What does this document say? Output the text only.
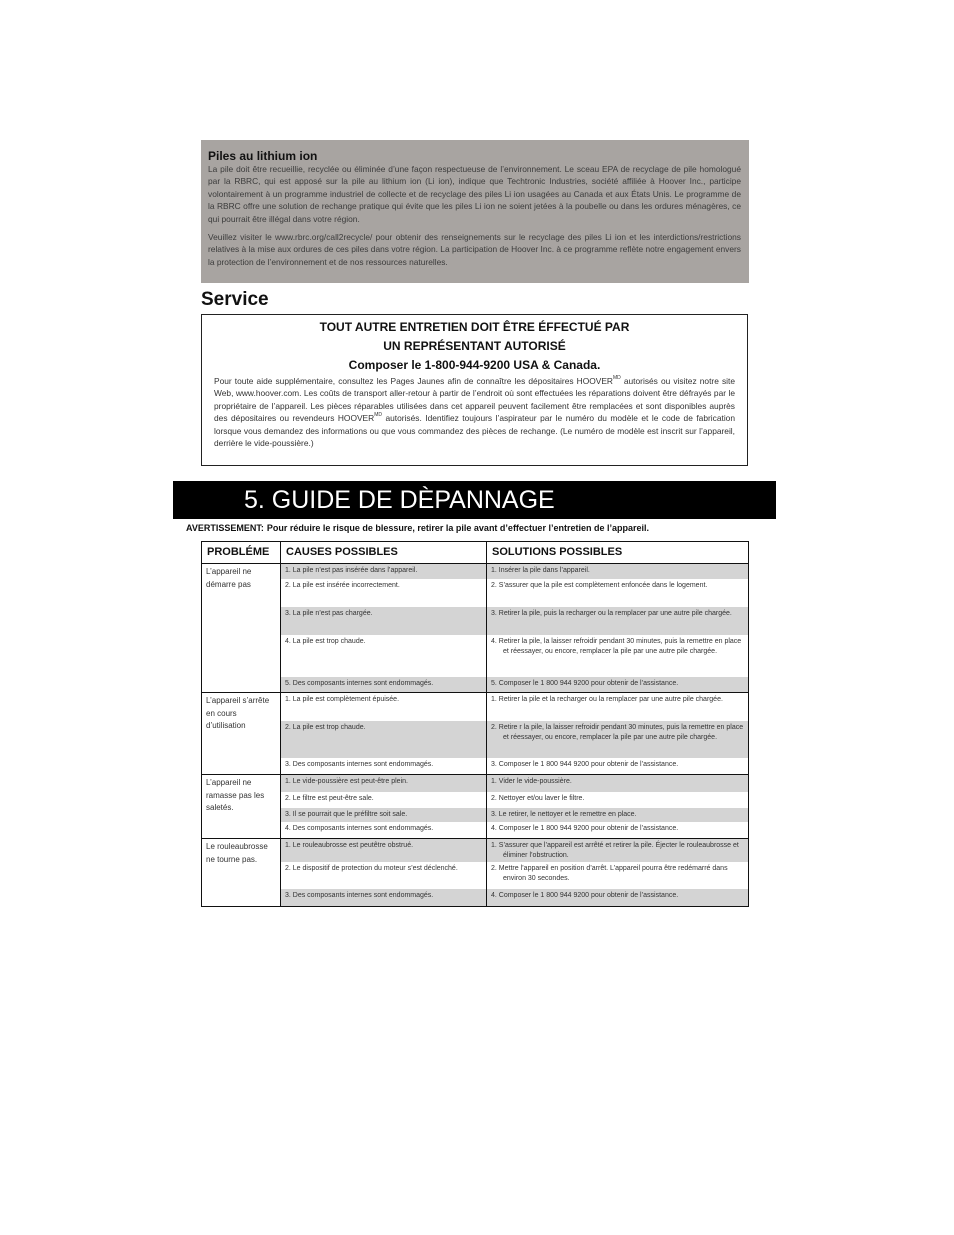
Piles au lithium ion

La pile doit être recueillie, recyclée ou éliminée d’une façon respectueuse de l’environnement. Le sceau EPA de recyclage de pile homologué par la RBRC, qui est apposé sur la pile au lithium ion (Li ion), indique que Techtronic Industries, société affiliée à Hoover Inc., participe volontairement à un programme industriel de collecte et de recyclage des piles Li ion usagées au Canada et aux États Unis. Le programme de la RBRC offre une solution de rechange pratique qui évite que les piles Li ion ne soient jetées à la poubelle ou dans les ordures ménagères, ce qui pourrait être illégal dans votre région.

Veuillez visiter le www.rbrc.org/call2recycle/ pour obtenir des renseignements sur le recyclage des piles Li ion et les interdictions/restrictions relatives à la mise aux ordures de ces piles dans votre région. La participation de Hoover Inc. à ce programme reflète notre engagement envers la protection de l’environnement et de nos ressources naturelles.

Service
TOUT AUTRE ENTRETIEN DOIT ÊTRE ÉFFECTUÉ PAR
UN REPRÉSENTANT AUTORISÉ
Composer le 1-800-944-9200 USA & Canada.

Pour toute aide supplémentaire, consultez les Pages Jaunes afin de connaître les dépositaires $HOOVER^{MD}$ autorisés ou visitez notre site Web, www.hoover.com. Les coûts de transport aller-retour à partir de l’endroit où sont effectuées les réparations doivent être défrayés par le propriétaire de l’appareil. Les pièces réparables utilisées dans cet appareil peuvent facilement être remplacées et sont disponibles auprès des dépositaires ou revendeurs $HOOVER^{MD}$ autorisés. Identifiez toujours l’aspirateur par le numéro du modèle et le code de fabrication lorsque vous demandez des informations ou que vous commandez des pièces de rechange. (Le numéro de modèle est inscrit sur l’appareil, derrière le vide-poussière.)

5. GUIDE DE DÈPANNAGE
AVERTISSEMENT: Pour réduire le risque de blessure, retirer la pile avant d’effectuer l’entretien de l’appareil.
PROBLÉME	CAUSES POSSIBLES	SOLUTIONS POSSIBLES
L’appareil ne démarre pas
1. La pile n’est pas insérée dans l’appareil.	1. Insérer la pile dans l’appareil.
2. La pile est insérée incorrectement.	2. S’assurer que la pile est complètement enfoncée dans le logement.
3. La pile n’est pas chargée.	3. Retirer la pile, puis la recharger ou la remplacer par une autre pile chargée.
4. La pile est trop chaude.	4. Retirer la pile, la laisser refroidir pendant 30 minutes, puis la remettre en place et réessayer, ou encore, remplacer la pile par une autre pile chargée.
5. Des composants internes sont endommagés.	5. Composer le 1 800 944 9200 pour obtenir de l’assistance.
L’appareil s’arrête en cours d’utilisation
1. La pile est complètement épuisée.	1. Retirer la pile et la recharger ou la remplacer par une autre pile chargée.
2. La pile est trop chaude.	2. Retire r la pile, la laisser refroidir pendant 30 minutes, puis la remettre en place et réessayer, ou encore, remplacer la pile par une autre pile chargée.
3. Des composants internes sont endommagés.	3. Composer le 1 800 944 9200 pour obtenir de l’assistance.
L’appareil ne ramasse pas les saletés.
1. Le vide-poussière est peut-être plein.	1. Vider le vide-poussière.
2. Le filtre est peut-être sale.	2. Nettoyer et/ou laver le filtre.
3. Il se pourrait que le préfiltre soit sale.	3. Le retirer, le nettoyer et le remettre en place.
4. Des composants internes sont endommagés.	4. Composer le 1 800 944 9200 pour obtenir de l’assistance.
Le rouleaubrosse ne tourne pas.
1. Le rouleaubrosse est peutêtre obstrué.	1. S’assurer que l’appareil est arrêté et retirer la pile. Éjecter le rouleaubrosse et éliminer l’obstruction.
2. Le dispositif de protection du moteur s’est déclenché.	2. Mettre l’appareil en position d’arrêt. L’appareil pourra être redémarré dans environ 30 secondes.
3. Des composants internes sont endommagés.	4. Composer le 1 800 944 9200 pour obtenir de l’assistance.
